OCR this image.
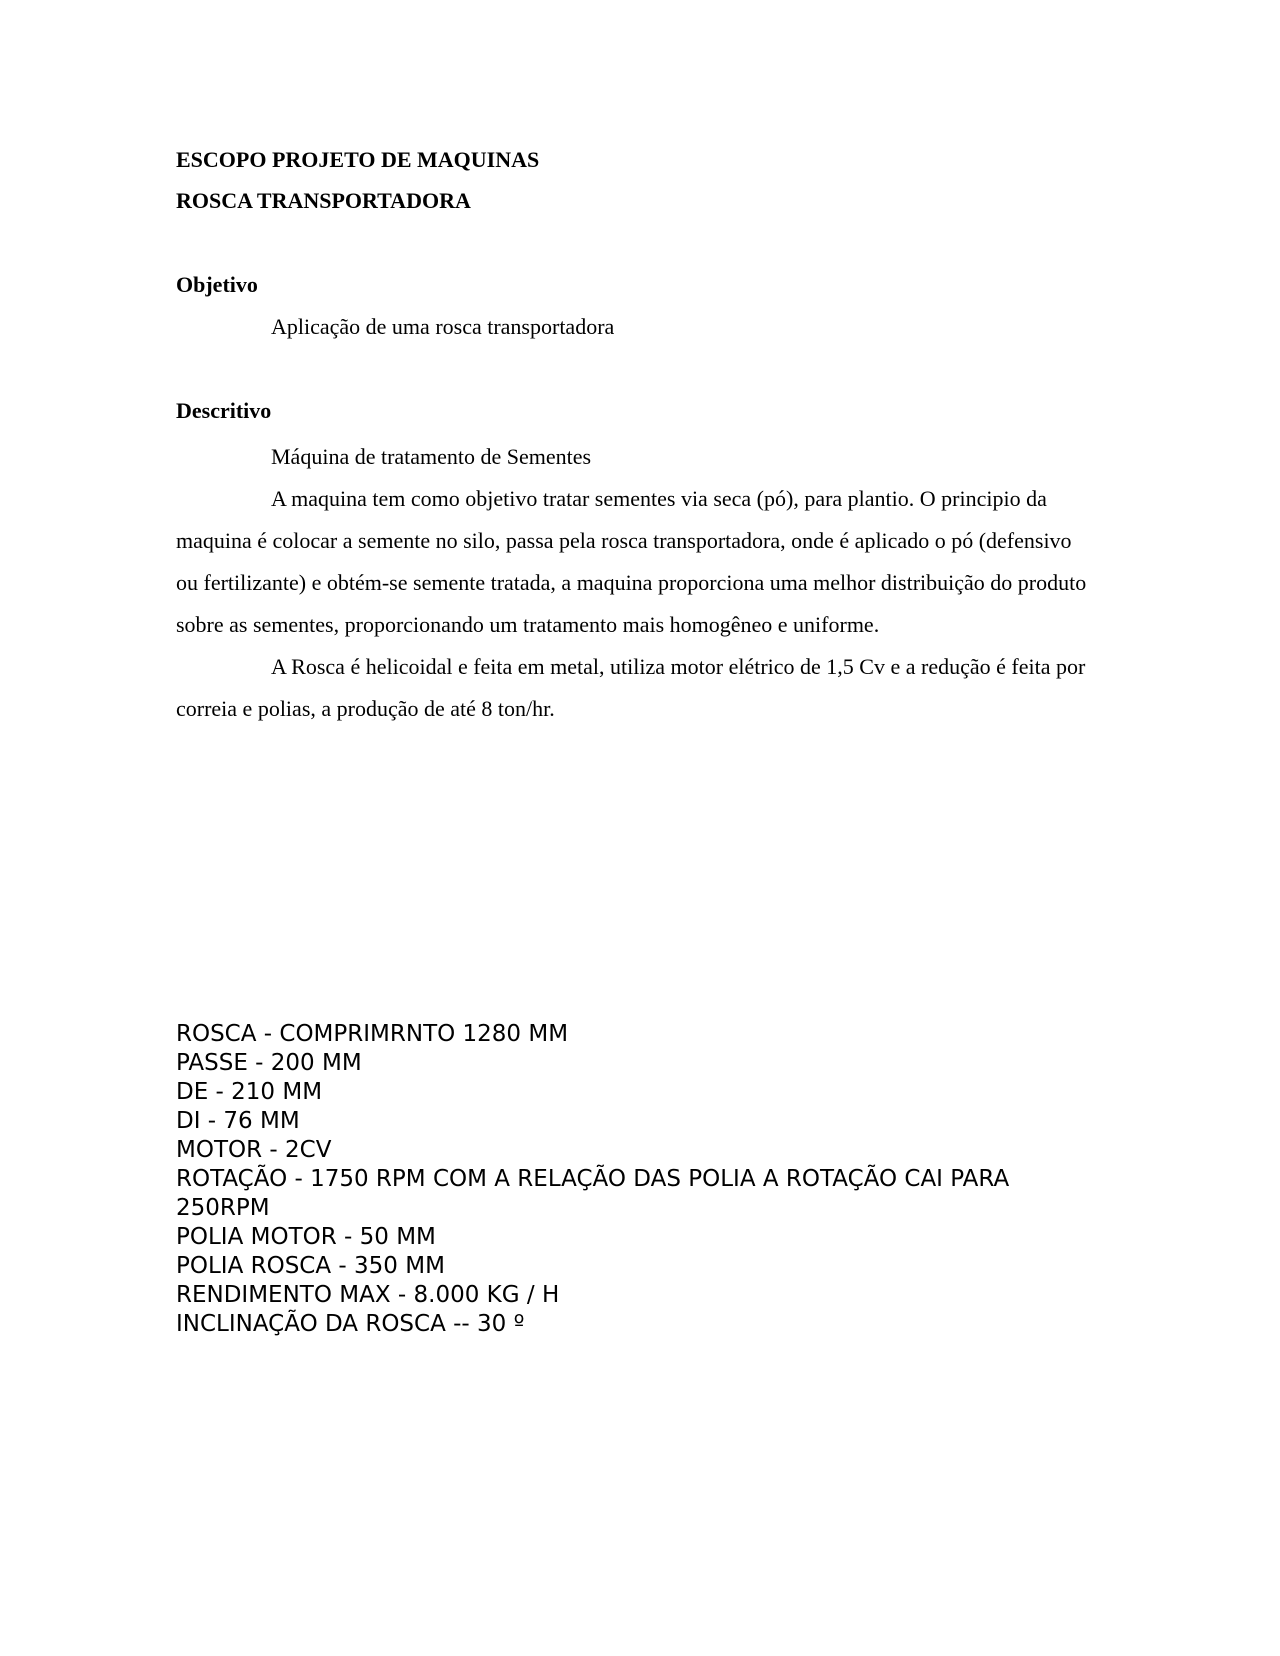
ESCOPO PROJETO DE MAQUINAS
ROSCA TRANSPORTADORA
Objetivo
Aplicação de uma rosca transportadora
Descritivo

Máquina de tratamento de Sementes

A maquina tem como objetivo tratar sementes via seca (pó), para plantio. O principio da maquina é colocar a semente no silo, passa pela rosca transportadora, onde é aplicado o pó (defensivo ou fertilizante) e obtém-se semente tratada, a maquina proporciona uma melhor distribuição do produto sobre as sementes, proporcionando um tratamento mais homogêneo e uniforme.

A Rosca é helicoidal e feita em metal, utiliza motor elétrico de 1,5 Cv e a redução é feita por correia e polias, a produção de até 8 ton/hr.

ROSCA - COMPRIMRNTO 1280 MM
PASSE - 200 MM
DE - 210 MM
DI - 76 MM
MOTOR - 2CV
ROTAÇÃO - 1750 RPM COM A RELAÇÃO DAS POLIA A ROTAÇÃO CAI PARA 250RPM
POLIA MOTOR - 50 MM
POLIA ROSCA - 350 MM
RENDIMENTO MAX - 8.000 KG / H
INCLINAÇÃO DA ROSCA -- 30 º
